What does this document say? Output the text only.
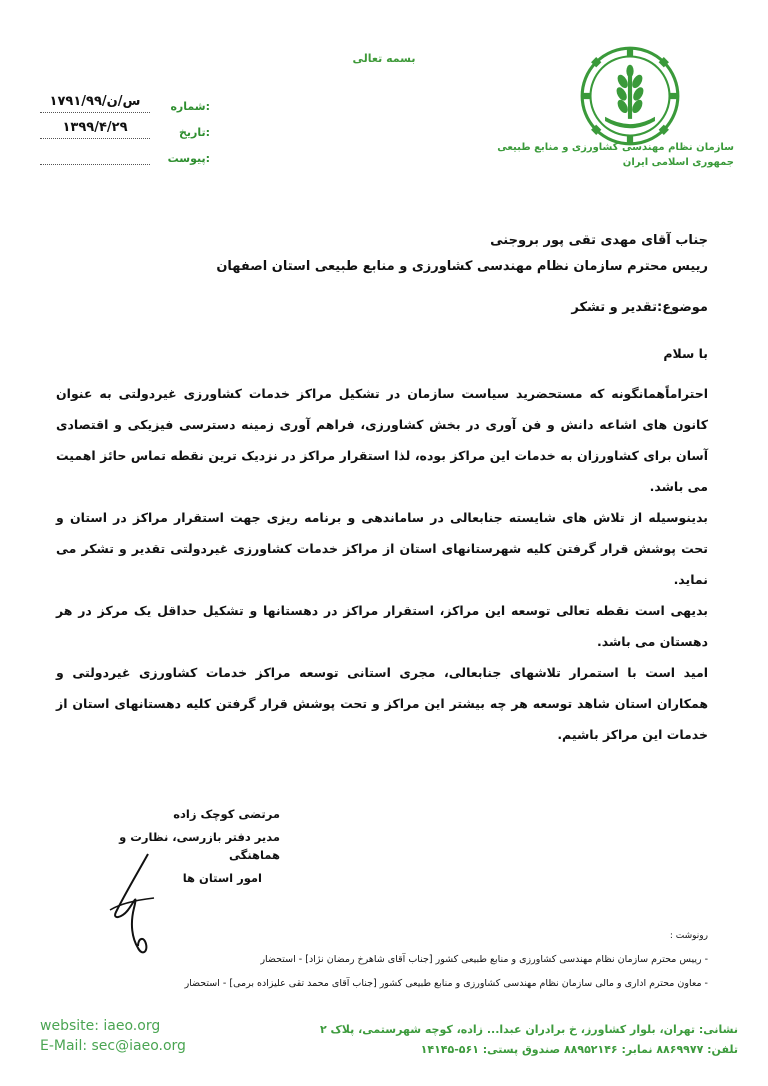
بسمه تعالی
سازمان نظام مهندسی کشاورزی و منابع طبیعی
جمهوری اسلامی ایران
۱۷۹۱/۹۹/س/ن	شماره:
۱۳۹۹/۴/۲۹	تاریخ:
پیوست:
جناب آقای مهدی تقی پور بروجنی
رییس محترم سازمان نظام مهندسی کشاورزی و منابع طبیعی استان اصفهان
موضوع:تقدیر و تشکر
با سلام

احتراماًهمانگونه که مستحضرید سیاست سازمان در تشکیل مراکز خدمات کشاورزی غیردولتی به عنوان کانون های اشاعه دانش و فن آوری در بخش کشاورزی، فراهم آوری زمینه دسترسی فیزیکی و اقتصادی آسان برای کشاورزان به خدمات این مراکز بوده، لذا استقرار مراکز در نزدیک ترین نقطه تماس حائز اهمیت می باشد.

بدینوسیله از تلاش های شایسته جنابعالی در ساماندهی و برنامه ریزی جهت استقرار مراکز در استان و تحت پوشش قرار گرفتن کلیه شهرستانهای استان از مراکز خدمات کشاورزی غیردولتی تقدیر و تشکر می نماید.

بدیهی است نقطه تعالی توسعه این مراکز، استقرار مراکز در دهستانها و تشکیل حداقل یک مرکز در هر دهستان می باشد.

امید است با استمرار تلاشهای جنابعالی، مجری استانی توسعه مراکز خدمات کشاورزی غیردولتی و همکاران استان شاهد توسعه هر چه بیشتر این مراکز و تحت پوشش قرار گرفتن کلیه دهستانهای استان از خدمات این مراکز باشیم.

مرتضی کوچک زاده
مدیر دفتر بازرسی، نظارت و هماهنگی
امور استان ها
رونوشت :
- رییس محترم سازمان نظام مهندسی کشاورزی و منابع طبیعی کشور [جناب آقای شاهرخ رمضان نژاد] - استحضار
- معاون محترم اداری و مالی سازمان نظام مهندسی کشاورزی و منابع طبیعی کشور [جناب آقای محمد تقی علیزاده برمی] - استحضار
website: iaeo.org
E-Mail: sec@iaeo.org
نشانی: تهران، بلوار کشاورز، خ برادران عبدا... زاده، کوچه شهرستمی، پلاک ۲
تلفن: ۸۸۶۹۹۷۷ نمابر: ۸۸۹۵۲۱۴۶ صندوق پستی: ۵۶۱-۱۴۱۴۵
